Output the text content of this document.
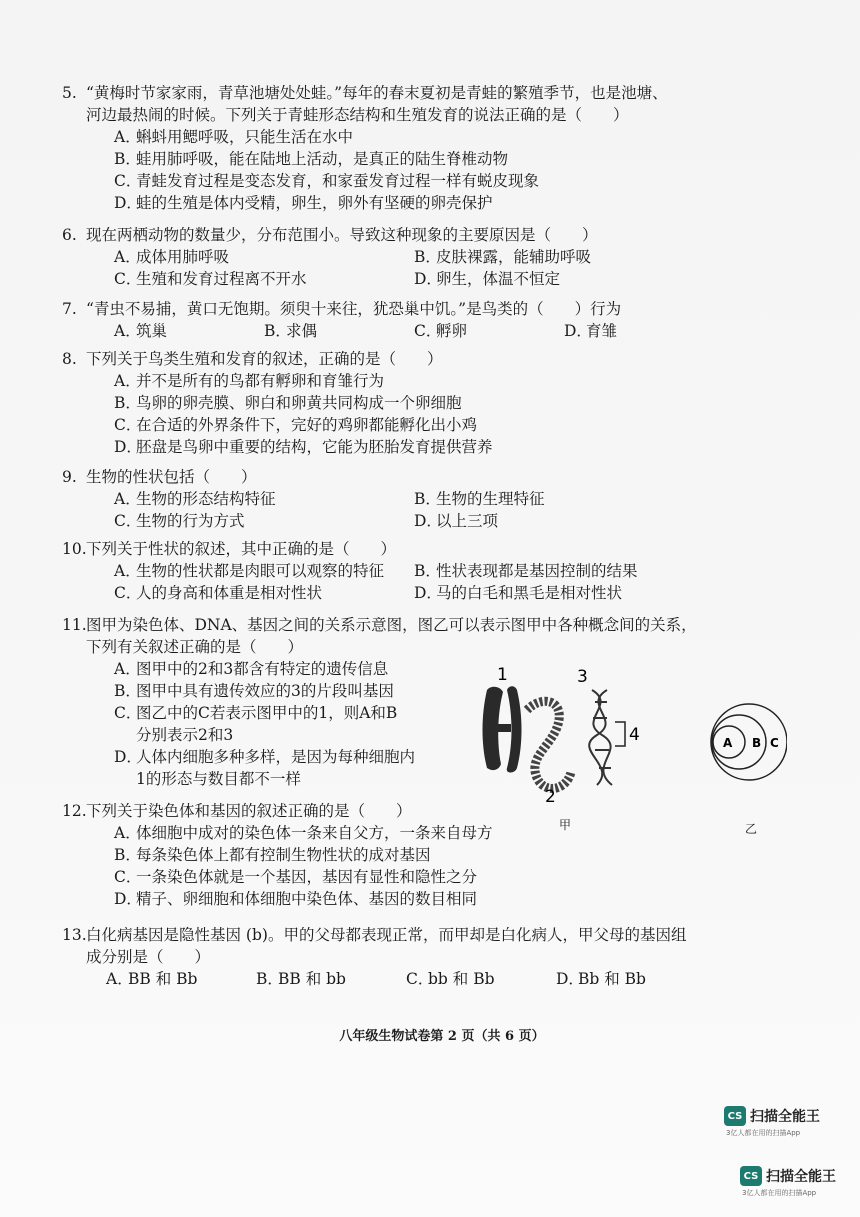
5. “黄梅时节家家雨，青草池塘处处蛙。”每年的春末夏初是青蛙的繁殖季节，也是池塘、
河边最热闹的时候。下列关于青蛙形态结构和生殖发育的说法正确的是（　　）
A．蝌蚪用鳃呼吸，只能生活在水中
B．蛙用肺呼吸，能在陆地上活动，是真正的陆生脊椎动物
C．青蛙发育过程是变态发育，和家蚕发育过程一样有蜕皮现象
D．蛙的生殖是体内受精，卵生，卵外有坚硬的卵壳保护
6. 现在两栖动物的数量少，分布范围小。导致这种现象的主要原因是（　　）
A．成体用肺呼吸	B．皮肤裸露，能辅助呼吸
C．生殖和发育过程离不开水	D．卵生，体温不恒定
7. “青虫不易捕，黄口无饱期。须臾十来往，犹恐巢中饥。”是鸟类的（　　）行为
A．筑巢	B．求偶	C．孵卵	D．育雏
8. 下列关于鸟类生殖和发育的叙述，正确的是（　　）
A．并不是所有的鸟都有孵卵和育雏行为
B．鸟卵的卵壳膜、卵白和卵黄共同构成一个卵细胞
C．在合适的外界条件下，完好的鸡卵都能孵化出小鸡
D．胚盘是鸟卵中重要的结构，它能为胚胎发育提供营养
9. 生物的性状包括（　　）
A．生物的形态结构特征	B．生物的生理特征
C．生物的行为方式	D．以上三项
10.下列关于性状的叙述，其中正确的是（　　）
A．生物的性状都是肉眼可以观察的特征	B．性状表现都是基因控制的结果
C．人的身高和体重是相对性状	D．马的白毛和黑毛是相对性状
11.图甲为染色体、DNA、基因之间的关系示意图，图乙可以表示图甲中各种概念间的关系，
下列有关叙述正确的是（　　）
A．图甲中的2和3都含有特定的遗传信息
B．图甲中具有遗传效应的3的片段叫基因
C．图乙中的C若表示图甲中的1，则A和B
分别表示2和3
D．人体内细胞多种多样，是因为每种细胞内
1的形态与数目都不一样
1
2
3
4	A B C
甲	乙
12.下列关于染色体和基因的叙述正确的是（　　）
A．体细胞中成对的染色体一条来自父方，一条来自母方
B．每条染色体上都有控制生物性状的成对基因
C．一条染色体就是一个基因，基因有显性和隐性之分
D．精子、卵细胞和体细胞中染色体、基因的数目相同
13.白化病基因是隐性基因 (b)。甲的父母都表现正常，而甲却是白化病人，甲父母的基因组
成分别是（　　）
A．BB 和 Bb	B．BB 和 bb	C．bb 和 Bb	D．Bb 和 Bb
八年级生物试卷第 2 页（共 6 页）
CS 扫描全能王
3亿人都在用的扫描App
CS 扫描全能王
3亿人都在用的扫描App
